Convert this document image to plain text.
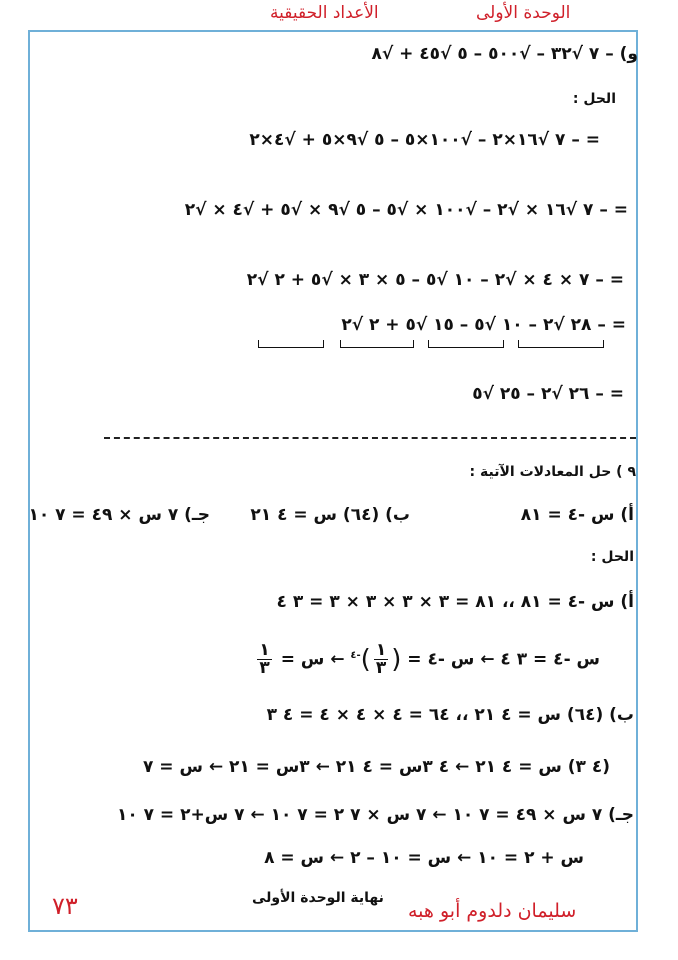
الوحدة الأولى
الأعداد الحقيقية
و) – ٧ √٣٢ – √٥٠٠ – ٥ √٤٥ + √٨
الحل :
= – ٧ √١٦×٢ – √١٠٠×٥ – ٥ √٩×٥ + √٤×٢
= – ٧ √١٦ × √٢ – √١٠٠ × √٥ – ٥ √٩ × √٥ + √٤ × √٢
= – ٧ × ٤ × √٢ – ١٠ √٥ – ٥ × ٣ × √٥ + ٢ √٢
= – ٢٨ √٢ – ١٠ √٥ – ١٥ √٥ + ٢ √٢
= – ٢٦ √٢ – ٢٥ √٥
٩ ) حل المعادلات الآتية :
أ) س ‎-٤‎ = ٨١
ب) (٦٤) س = ٤ ٢١
جـ) ٧ س × ٤٩ = ٧ ١٠
الحل :
أ) س -٤ = ٨١ ،، ٨١ = ٣ × ٣ × ٣ × ٣ = ٣ ٤
س -٤ = ٣ ٤ ← س -٤ = (
$\frac{١}{٣}$
)$^{-٤}$ ← س =
$\frac{١}{٣}$
ب) (٦٤) س = ٤ ٢١ ،، ٦٤ = ٤ × ٤ × ٤ = ٤ ٣
(٤ ٣) س = ٤ ٢١ ← ٤ ٣س = ٤ ٢١ ← ٣س = ٢١ ← س = ٧
جـ) ٧ س × ٤٩ = ٧ ١٠ ← ٧ س × ٧ ٢ = ٧ ١٠ ← ٧ س+٢ = ٧ ١٠
س + ٢ = ١٠ ← س = ١٠ – ٢ ← س = ٨
٧٣	نهاية الوحدة الأولى
سليمان دلدوم أبو هبه
